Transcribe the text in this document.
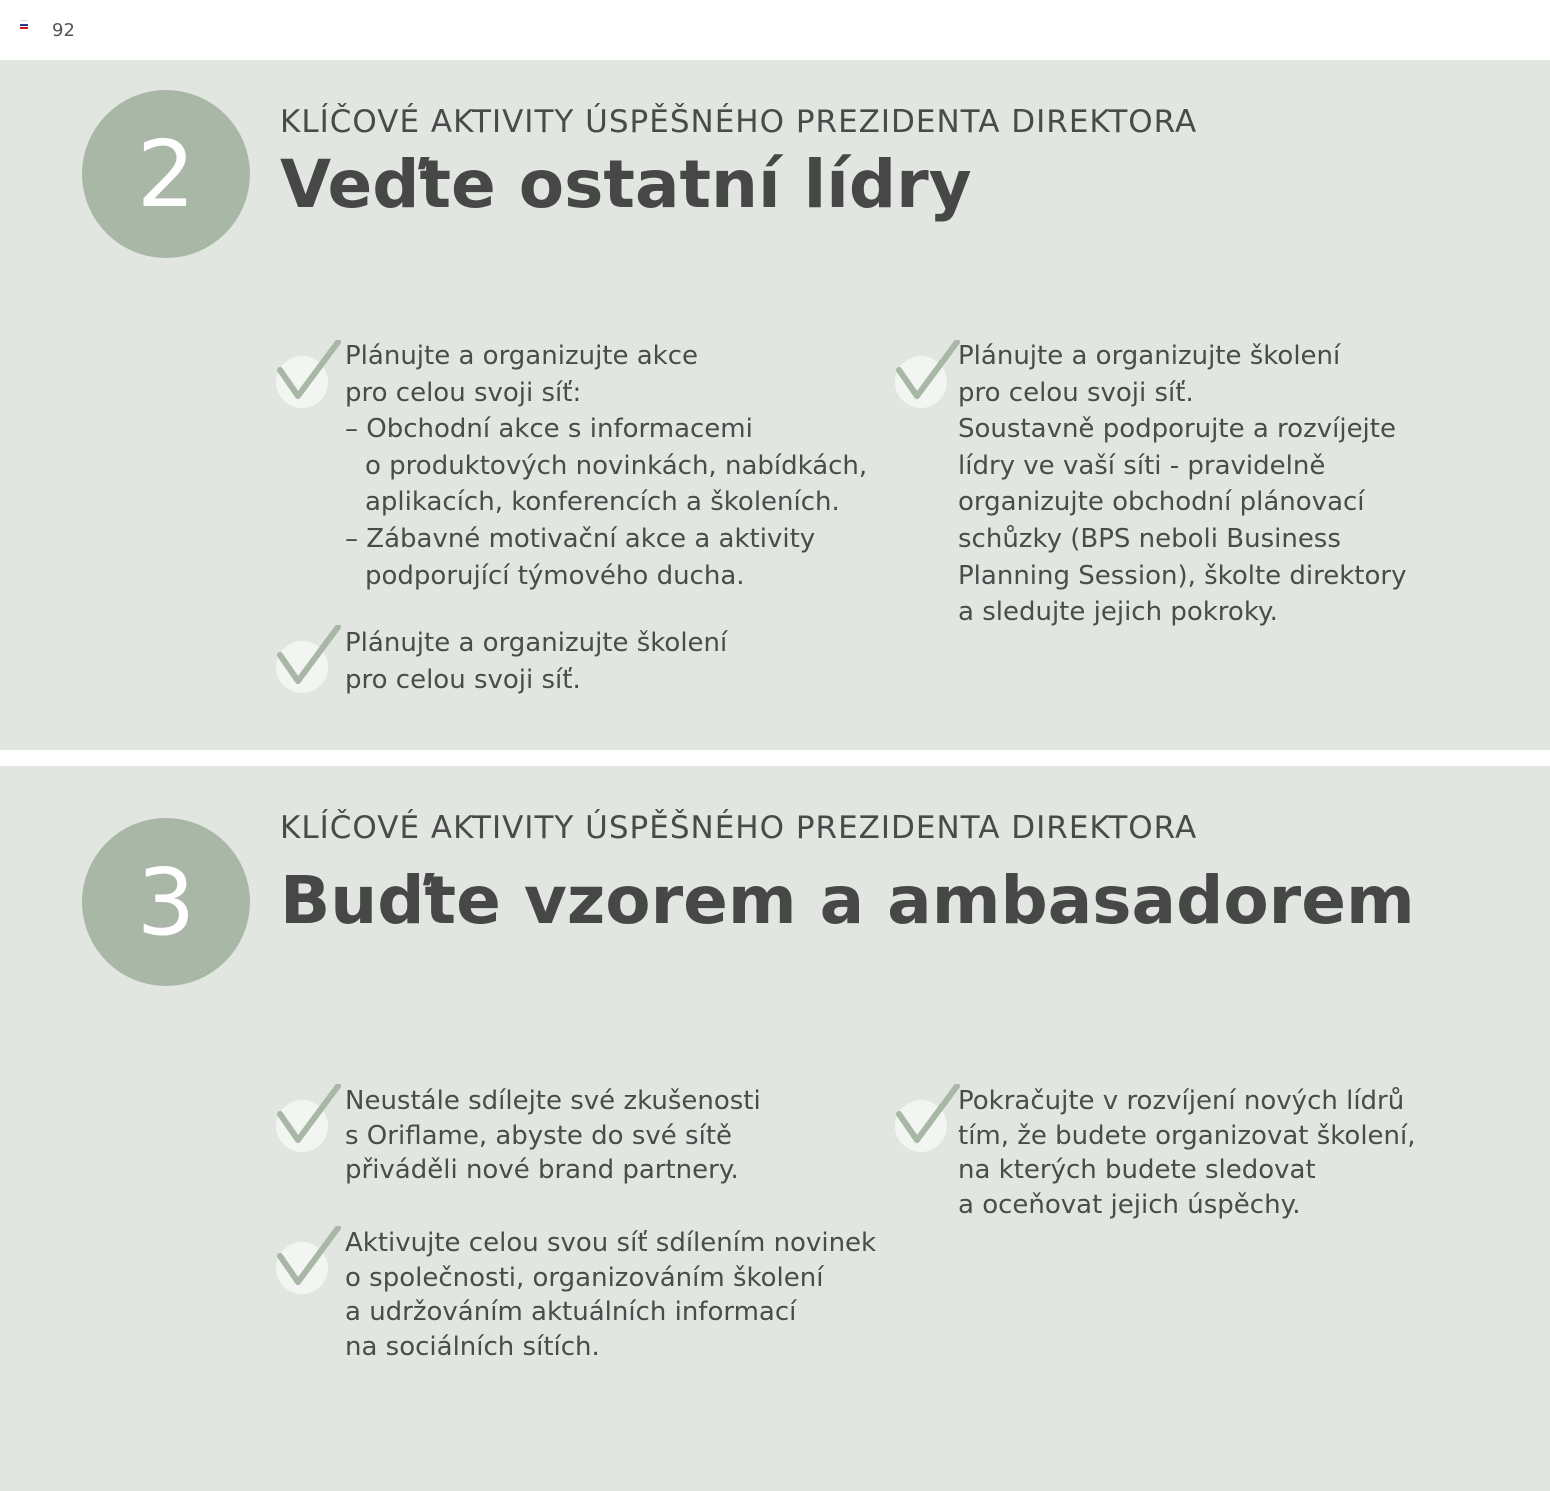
92
2	KLÍČOVÉ AKTIVITY ÚSPĚŠNÉHO PREZIDENTA DIREKTORA
Veďte ostatní lídry
Plánujte a organizujte akce
pro celou svoji síť:
– Obchodní akce s informacemi
o produktových novinkách, nabídkách,
aplikacích, konferencích a školeních.
– Zábavné motivační akce a aktivity
podporující týmového ducha.
Plánujte a organizujte školení
pro celou svoji síť.
Plánujte a organizujte školení
pro celou svoji síť.
Soustavně podporujte a rozvíjejte
lídry ve vaší síti - pravidelně
organizujte obchodní plánovací
schůzky (BPS neboli Business
Planning Session), školte direktory
a sledujte jejich pokroky.
3
KLÍČOVÉ AKTIVITY ÚSPĚŠNÉHO PREZIDENTA DIREKTORA
Buďte vzorem a ambasadorem
Neustále sdílejte své zkušenosti
s Oriflame, abyste do své sítě
přiváděli nové brand partnery.
Aktivujte celou svou síť sdílením novinek
o společnosti, organizováním školení
a udržováním aktuálních informací
na sociálních sítích.
Pokračujte v rozvíjení nových lídrů
tím, že budete organizovat školení,
na kterých budete sledovat
a oceňovat jejich úspěchy.
